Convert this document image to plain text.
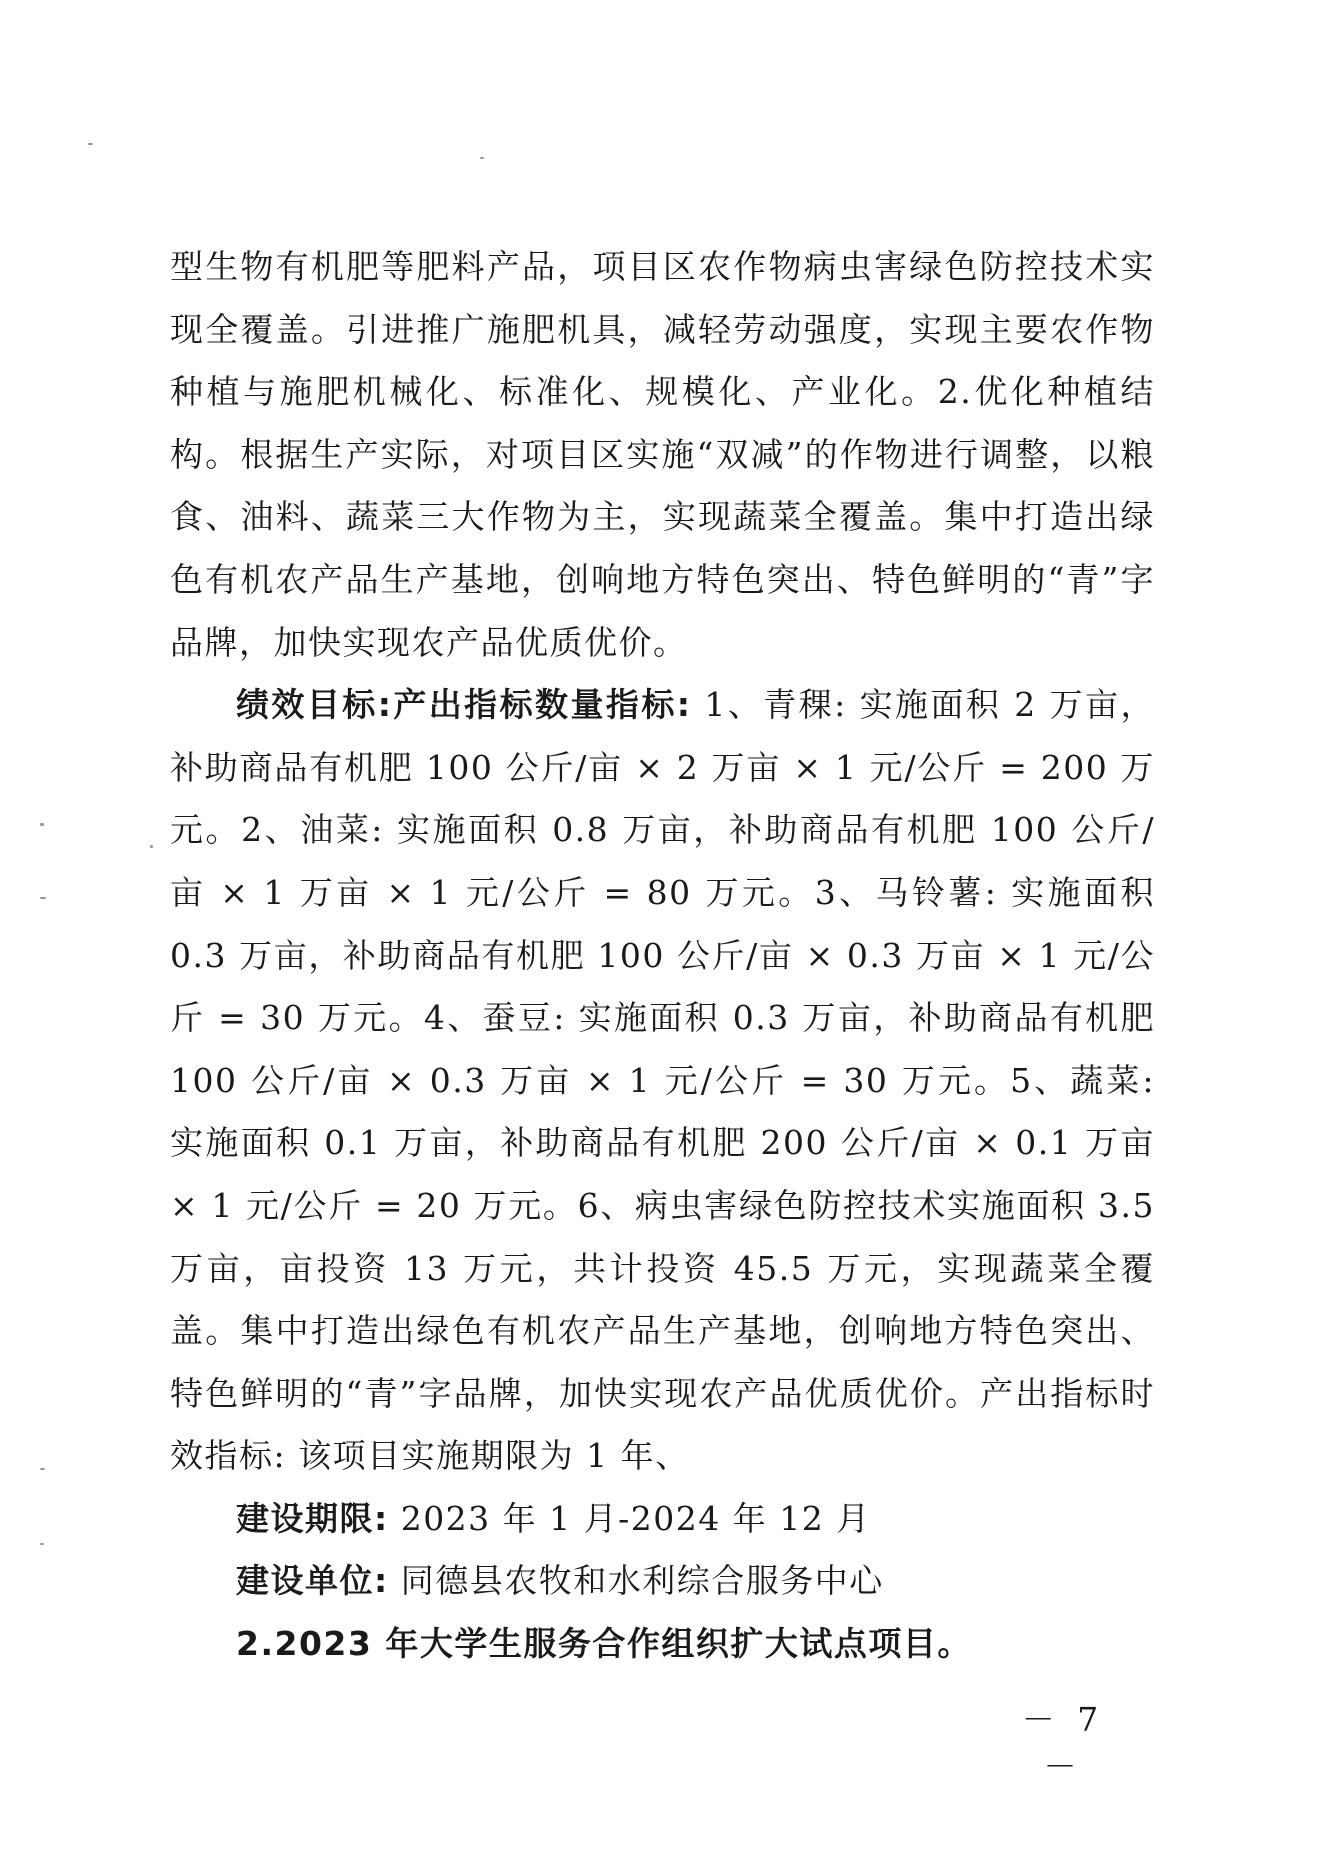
型生物有机肥等肥料产品，项目区农作物病虫害绿色防控技术实现全覆盖。引进推广施肥机具，减轻劳动强度，实现主要农作物种植与施肥机械化、标准化、规模化、产业化。2.优化种植结构。根据生产实际，对项目区实施“双减”的作物进行调整，以粮食、油料、蔬菜三大作物为主，实现蔬菜全覆盖。集中打造出绿色有机农产品生产基地，创响地方特色突出、特色鲜明的“青”字品牌，加快实现农产品优质优价。

绩效目标:产出指标数量指标: 1、青稞: 实施面积 2 万亩，补助商品有机肥 100 公斤/亩 × 2 万亩 × 1 元/公斤 = 200 万元。2、油菜: 实施面积 0.8 万亩，补助商品有机肥 100 公斤/亩 × 1 万亩 × 1 元/公斤 = 80 万元。3、马铃薯: 实施面积 0.3 万亩，补助商品有机肥 100 公斤/亩 × 0.3 万亩 × 1 元/公斤 = 30 万元。4、蚕豆: 实施面积 0.3 万亩，补助商品有机肥 100 公斤/亩 × 0.3 万亩 × 1 元/公斤 = 30 万元。5、蔬菜: 实施面积 0.1 万亩，补助商品有机肥 200 公斤/亩 × 0.1 万亩 × 1 元/公斤 = 20 万元。6、病虫害绿色防控技术实施面积 3.5 万亩，亩投资 13 万元，共计投资 45.5 万元，实现蔬菜全覆盖。集中打造出绿色有机农产品生产基地，创响地方特色突出、特色鲜明的“青”字品牌，加快实现农产品优质优价。产出指标时效指标: 该项目实施期限为 1 年、

建设期限: 2023 年 1 月-2024 年 12 月

建设单位: 同德县农牧和水利综合服务中心

2.2023 年大学生服务合作组织扩大试点项目。

－ 7 －
